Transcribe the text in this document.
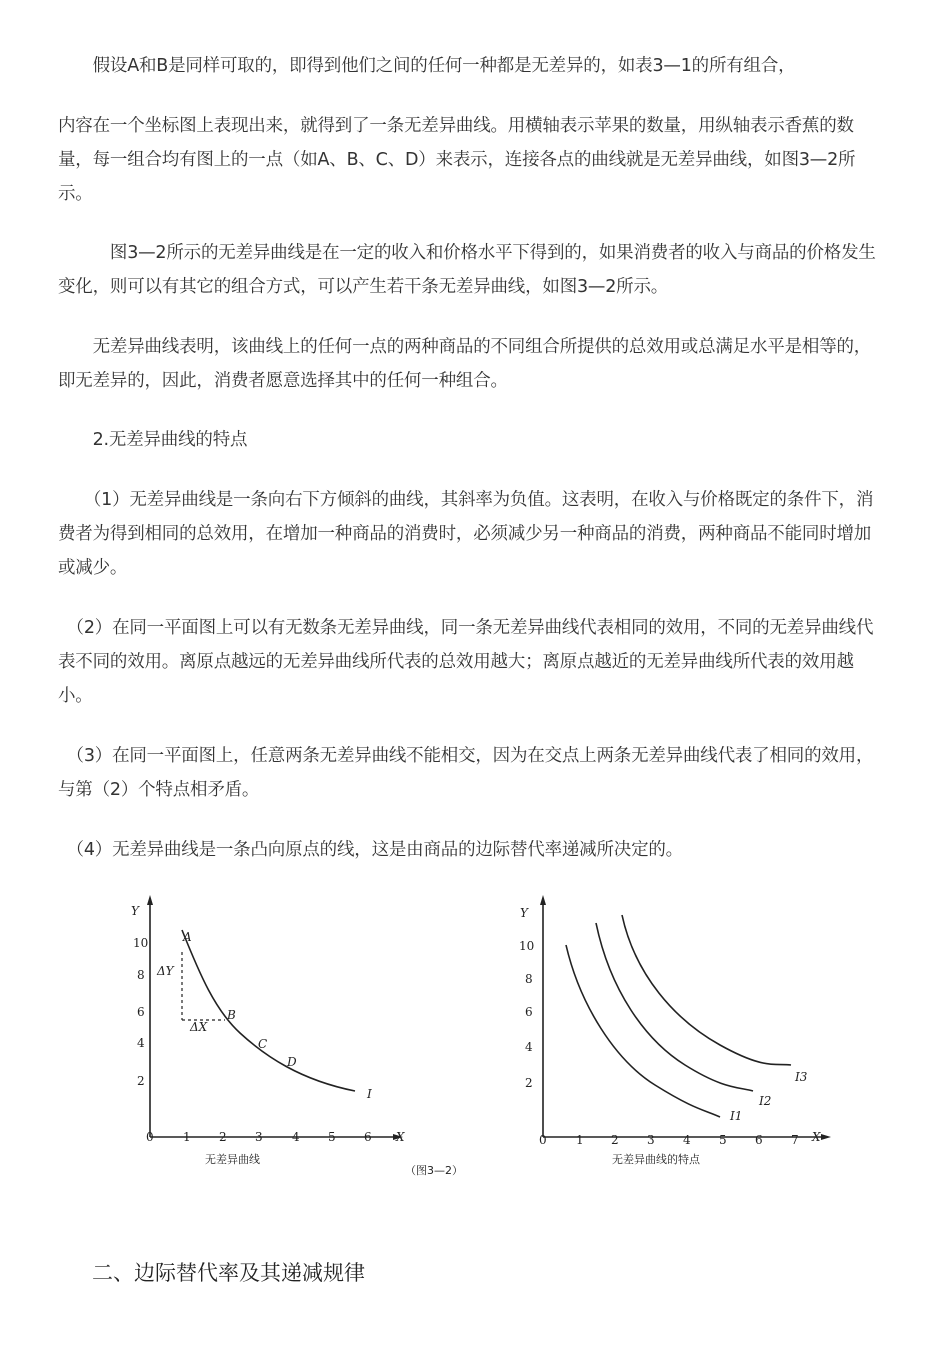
　　假设A和B是同样可取的，即得到他们之间的任何一种都是无差异的，如表3—1的所有组合，

内容在一个坐标图上表现出来，就得到了一条无差异曲线。用横轴表示苹果的数量，用纵轴表示香蕉的数量，每一组合均有图上的一点（如A、B、C、D）来表示，连接各点的曲线就是无差异曲线，如图3—2所示。

　　　图3—2所示的无差异曲线是在一定的收入和价格水平下得到的，如果消费者的收入与商品的价格发生变化，则可以有其它的组合方式，可以产生若干条无差异曲线，如图3—2所示。

　　无差异曲线表明，该曲线上的任何一点的两种商品的不同组合所提供的总效用或总满足水平是相等的，即无差异的，因此，消费者愿意选择其中的任何一种组合。

　　2.无差异曲线的特点

　　（1）无差异曲线是一条向右下方倾斜的曲线，其斜率为负值。这表明，在收入与价格既定的条件下，消费者为得到相同的总效用，在增加一种商品的消费时，必须减少另一种商品的消费，两种商品不能同时增加或减少。

　（2）在同一平面图上可以有无数条无差异曲线，同一条无差异曲线代表相同的效用，不同的无差异曲线代表不同的效用。离原点越远的无差异曲线所代表的总效用越大；离原点越近的无差异曲线所代表的效用越小。

　（3）在同一平面图上，任意两条无差异曲线不能相交，因为在交点上两条无差异曲线代表了相同的效用，与第（2）个特点相矛盾。

　（4）无差异曲线是一条凸向原点的线，这是由商品的边际替代率递减所决定的。

Y
X
10
8
6
4
2
0 1 2 3 4 5 6
A
B
C
D
ΔY
ΔX
I
无差异曲线
（图3—2）
Y
X
10
8
6
4
2
0 1 2 3 4 5 6 7
I1
I2
I3
无差异曲线的特点
二、边际替代率及其递减规律
